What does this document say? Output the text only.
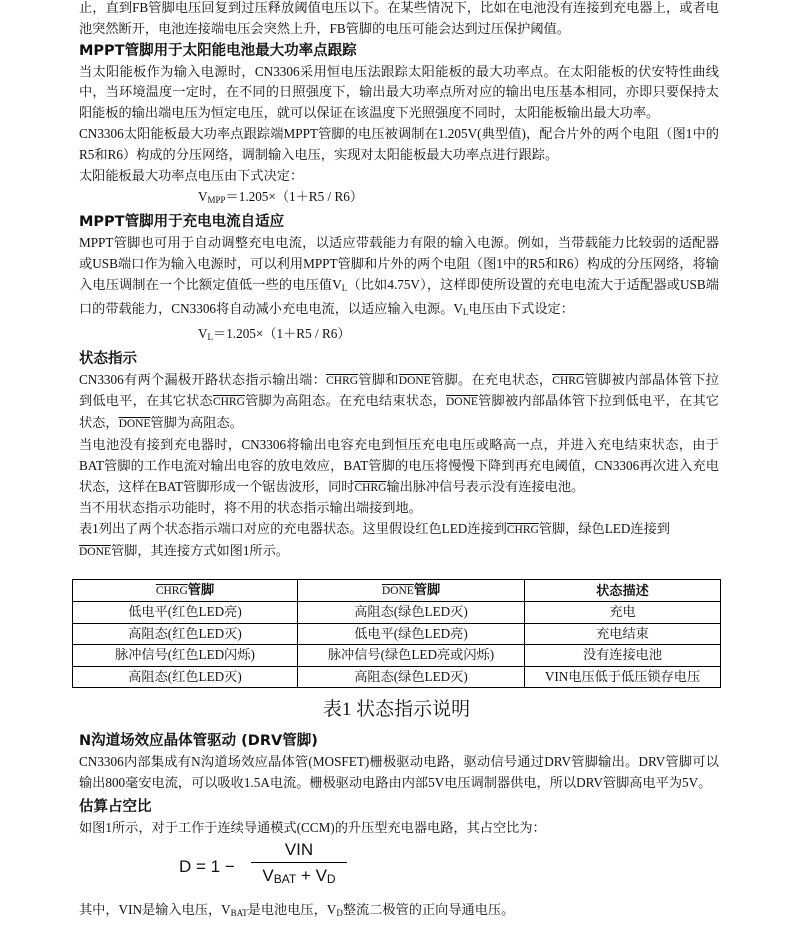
止，直到FB管脚电压回复到过压释放阈值电压以下。在某些情况下，比如在电池没有连接到充电器上，或者电池突然断开，电池连接端电压会突然上升，FB管脚的电压可能会达到过压保护阈值。

MPPT管脚用于太阳能电池最大功率点跟踪

当太阳能板作为输入电源时，CN3306采用恒电压法跟踪太阳能板的最大功率点。在太阳能板的伏安特性曲线中，当环境温度一定时，在不同的日照强度下，输出最大功率点所对应的输出电压基本相同，亦即只要保持太阳能板的输出端电压为恒定电压，就可以保证在该温度下光照强度不同时，太阳能板输出最大功率。

CN3306太阳能板最大功率点跟踪端MPPT管脚的电压被调制在1.205V(典型值)，配合片外的两个电阻（图1中的R5和R6）构成的分压网络，调制输入电压，实现对太阳能板最大功率点进行跟踪。

太阳能板最大功率点电压由下式决定：

$V_{MPP}=1.205\times(1+R5 / R6)$

MPPT管脚用于充电电流自适应

MPPT管脚也可用于自动调整充电电流，以适应带载能力有限的输入电源。例如，当带载能力比较弱的适配器或USB端口作为输入电源时，可以利用MPPT管脚和片外的两个电阻（图1中的R5和R6）构成的分压网络，将输入电压调制在一个比额定值低一些的电压值$V_L$（比如4.75V），这样即使所设置的充电电流大于适配器或USB端口的带载能力，CN3306将自动减小充电电流，以适应输入电源。$V_L$电压由下式设定：

$V_L=1.205\times(1+R5 / R6)$

状态指示

CN3306有两个漏极开路状态指示输出端：CHRG管脚和DONE管脚。在充电状态，CHRG管脚被内部晶体管下拉到低电平，在其它状态CHRG管脚为高阻态。在充电结束状态，DONE管脚被内部晶体管下拉到低电平，在其它状态，DONE管脚为高阻态。

当电池没有接到充电器时，CN3306将输出电容充电到恒压充电电压或略高一点，并进入充电结束状态，由于BAT管脚的工作电流对输出电容的放电效应，BAT管脚的电压将慢慢下降到再充电阈值，CN3306再次进入充电状态，这样在BAT管脚形成一个锯齿波形，同时CHRG输出脉冲信号表示没有连接电池。

当不用状态指示功能时，将不用的状态指示输出端接到地。

表1列出了两个状态指示端口对应的充电器状态。这里假设红色LED连接到CHRG管脚，绿色LED连接到
DONE管脚，其连接方式如图1所示。

CHRG管脚	DONE管脚	状态描述
低电平(红色LED亮)	高阻态(绿色LED灭)	充电
高阻态(红色LED灭)	低电平(绿色LED亮)	充电结束
脉冲信号(红色LED闪烁)	脉冲信号(绿色LED亮或闪烁)	没有连接电池
高阻态(红色LED灭)	高阻态(绿色LED灭)	VIN电压低于低压锁存电压
表1 状态指示说明

N沟道场效应晶体管驱动 (DRV管脚)

CN3306内部集成有N沟道场效应晶体管(MOSFET)栅极驱动电路，驱动信号通过DRV管脚输出。DRV管脚可以输出800毫安电流，可以吸收1.5A电流。栅极驱动电路由内部5V电压调制器供电，所以DRV管脚高电平为5V。

估算占空比

如图1所示，对于工作于连续导通模式(CCM)的升压型充电器电路，其占空比为：

D = 1 −
VIN
$V_{BAT} + V_D$

其中，VIN是输入电压，$V_{BAT}$是电池电压，$V_D$整流二极管的正向导通电压。
